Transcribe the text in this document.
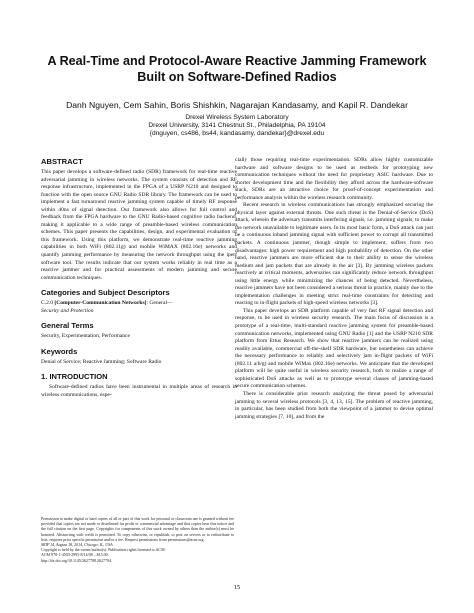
A Real-Time and Protocol-Aware Reactive Jamming Framework Built on Software-Defined Radios
Danh Nguyen, Cem Sahin, Boris Shishkin, Nagarajan Kandasamy, and Kapil R. Dandekar
Drexel Wireless System Laboratory
Drexel University, 3141 Chestnut St., Philadelphia, PA 19104
{dnguyen, cs486, bs44, kandasamy, dandekar}@drexel.edu
ABSTRACT

This paper develops a software-defined radio (SDR) framework for real-time reactive adversarial jamming in wireless networks. The system consists of detection and RF response infrastructure, implemented in the FPGA of a USRP N210 and designed to function with the open source GNU Radio SDR library. The framework can be used to implement a fast turnaround reactive jamming system capable of timely RF response within 40ns of signal detection. Our framework also allows for full control and feedback from the FPGA hardware to the GNU Radio-based cognitive radio backend, making it applicable to a wide range of preamble-based wireless communication schemes. This paper presents the capabilities, design, and experimental evaluation of this framework. Using this platform, we demonstrate real-time reactive jamming capabilities in both WiFi (802.11g) and mobile WiMAX (802.16e) networks and quantify jamming performance by measuring the network throughput using the iperf software tool. The results indicate that our system works reliably in real time as a reactive jammer and for practical assessments of modern jamming and secure communication techniques.

Categories and Subject Descriptors

C.2.0 [Computer-Communication Networks]: General—
Security and Protection

General Terms

Security, Experimentation, Performance

Keywords

Denial of Service; Reactive Jamming; Software Radio

1. INTRODUCTION

Software-defined radios have been instrumental in multiple areas of research in wireless communications, espe-

Permission to make digital or hard copies of all or part of this work for personal or classroom use is granted without fee provided that copies are not made or distributed for profit or commercial advantage and that copies bear this notice and the full citation on the first page. Copyrights for components of this work owned by others than the author(s) must be honored. Abstracting with credit is permitted. To copy otherwise, or republish, to post on servers or to redistribute to lists, requires prior specific permission and/or a fee. Request permissions from permissions@acm.org.
SRIF'14, August 18, 2014, Chicago, IL, USA.
Copyright is held by the owner/author(s). Publication rights licensed to ACM.
ACM 978-1-4503-2995-8/14/08 ...$15.00.
http://dx.doi.org/10.1145/2627788.2627794.

cially those requiring real-time experimentation. SDRs allow highly customizable hardware and software designs to be used as testbeds for prototyping new communication techniques without the need for proprietary ASIC hardware. Due to shorter development time and the flexibility they afford across the hardware-software stack, SDRs are an attractive choice for proof-of-concept experimentation and performance analysis within the wireless research community.

Recent research in wireless communications has strongly emphasized securing the physical layer against external threats. One such threat is the Denial-of-Service (DoS) attack, wherein the adversary transmits interfering signals, i.e. jamming signals, to make the network unavailable to legitimate users. In its most basic form, a DoS attack can just be a continuous inband jamming signal with sufficient power to corrupt all transmitted packets. A continuous jammer, though simple to implement, suffers from two disadvantages: high power requirement and high probability of detection. On the other hand, reactive jammers are more efficient due to their ability to sense the wireless medium and jam packets that are already in the air [3]. By jamming wireless packets reactively at critical moments, adversaries can significantly reduce network throughput using little energy while minimizing the chances of being detected. Nevertheless, reactive jammers have not been considered a serious threat in practice, mainly due to the implementation challenges in meeting strict real-time constraints for detecting and reacting to in-flight packets of high-speed wireless networks [3].

This paper develops an SDR platform capable of very fast RF signal detection and response, to be used in wireless security research. The main focus of discussion is a prototype of a real-time, multi-standard reactive jamming system for preamble-based communication networks, implemented using GNU Radio [1] and the USRP N210 SDR platform from Ettus Research. We show that reactive jammers can be realized using readily available, commercial off-the-shelf SDR hardware, but nonetheless can achieve the necessary performance to reliably and selectively jam in-flight packets of WiFi (802.11 a/b/g) and mobile WiMax (802.16e) networks. We anticipate that the developed platform will be quite useful in wireless security research, both to realize a range of sophisticated DoS attacks as well as to prototype several classes of jamming-based secure communication schemes.

There is considerable prior research analyzing the threat posed by adversarial jamming to several wireless protocols [3, 4, 13, 15]. The problem of reactive jamming, in particular, has been studied from both the viewpoint of a jammer to devise optimal jamming strategies [7, 10], and from the

15
